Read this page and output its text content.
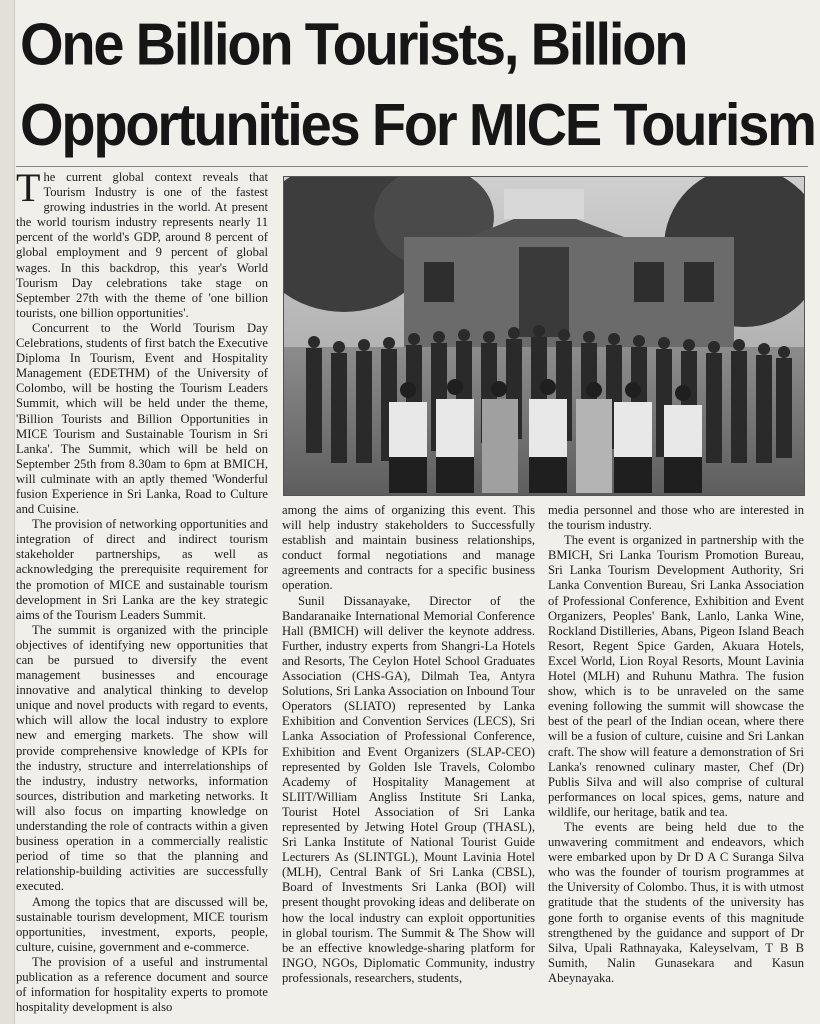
One Billion Tourists, Billion
Opportunities For MICE Tourism

The current global context reveals that Tourism Industry is one of the fastest growing industries in the world. At present the world tourism industry represents nearly 11 percent of the world's GDP, around 8 percent of global employment and 9 percent of global wages. In this backdrop, this year's World Tourism Day celebrations take stage on September 27th with the theme of 'one billion tourists, one billion opportunities'.

Concurrent to the World Tourism Day Celebrations, students of first batch the Executive Diploma In Tourism, Event and Hospitality Management (EDETHM) of the University of Colombo, will be hosting the Tourism Leaders Summit, which will be held under the theme, 'Billion Tourists and Billion Opportunities in MICE Tourism and Sustainable Tourism in Sri Lanka'. The Summit, which will be held on September 25th from 8.30am to 6pm at BMICH, will culminate with an aptly themed 'Wonderful fusion Experience in Sri Lanka, Road to Culture and Cuisine.

The provision of networking opportunities and integration of direct and indirect tourism stakeholder partnerships, as well as acknowledging the prerequisite requirement for the promotion of MICE and sustainable tourism development in Sri Lanka are the key strategic aims of the Tourism Leaders Summit.

The summit is organized with the principle objectives of identifying new opportunities that can be pursued to diversify the event management businesses and encourage innovative and analytical thinking to develop unique and novel products with regard to events, which will allow the local industry to explore new and emerging markets. The show will provide comprehensive knowledge of KPIs for the industry, structure and interrelationships of the industry, industry networks, information sources, distribution and marketing networks. It will also focus on imparting knowledge on understanding the role of contracts within a given business operation in a commercially realistic period of time so that the planning and relationship-building activities are successfully executed.

Among the topics that are discussed will be, sustainable tourism development, MICE tourism opportunities, investment, exports, people, culture, cuisine, government and e-commerce.

The provision of a useful and instrumental publication as a reference document and source of information for hospitality experts to promote hospitality development is also

among the aims of organizing this event. This will help industry stakeholders to Successfully establish and maintain business relationships, conduct formal negotiations and manage agreements and contracts for a specific business operation.

Sunil Dissanayake, Director of the Bandaranaike International Memorial Conference Hall (BMICH) will deliver the keynote address. Further, industry experts from Shangri-La Hotels and Resorts, The Ceylon Hotel School Graduates Association (CHS-GA), Dilmah Tea, Antyra Solutions, Sri Lanka Association on Inbound Tour Operators (SLIATO) represented by Lanka Exhibition and Convention Services (LECS), Sri Lanka Association of Professional Conference, Exhibition and Event Organizers (SLAP-CEO) represented by Golden Isle Travels, Colombo Academy of Hospitality Management at SLIIT/William Angliss Institute Sri Lanka, Tourist Hotel Association of Sri Lanka represented by Jetwing Hotel Group (THASL), Sri Lanka Institute of National Tourist Guide Lecturers As (SLINTGL), Mount Lavinia Hotel (MLH), Central Bank of Sri Lanka (CBSL), Board of Investments Sri Lanka (BOI) will present thought provoking ideas and deliberate on how the local industry can exploit opportunities in global tourism. The Summit & The Show will be an effective knowledge-sharing platform for INGO, NGOs, Diplomatic Community, industry professionals, researchers, students,

media personnel and those who are interested in the tourism industry.

The event is organized in partnership with the BMICH, Sri Lanka Tourism Promotion Bureau, Sri Lanka Tourism Development Authority, Sri Lanka Convention Bureau, Sri Lanka Association of Professional Conference, Exhibition and Event Organizers, Peoples' Bank, Lanlo, Lanka Wine, Rockland Distilleries, Abans, Pigeon Island Beach Resort, Regent Spice Garden, Akuara Hotels, Excel World, Lion Royal Resorts, Mount Lavinia Hotel (MLH) and Ruhunu Mathra. The fusion show, which is to be unraveled on the same evening following the summit will showcase the best of the pearl of the Indian ocean, where there will be a fusion of culture, cuisine and Sri Lankan craft. The show will feature a demonstration of Sri Lanka's renowned culinary master, Chef (Dr) Publis Silva and will also comprise of cultural performances on local spices, gems, nature and wildlife, our heritage, batik and tea.

The events are being held due to the unwavering commitment and endeavors, which were embarked upon by Dr D A C Suranga Silva who was the founder of tourism programmes at the University of Colombo. Thus, it is with utmost gratitude that the students of the university has gone forth to organise events of this magnitude strengthened by the guidance and support of Dr Silva, Upali Rathnayaka, Kaleyselvam, T B B Sumith, Nalin Gunasekara and Kasun Abeynayaka.
